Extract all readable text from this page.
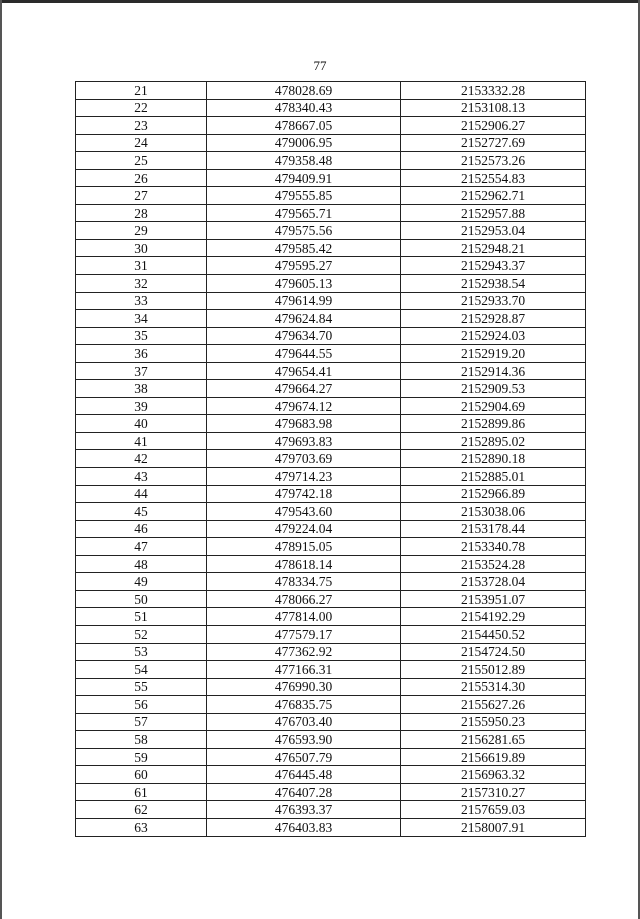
77
21	478028.69	2153332.28
22	478340.43	2153108.13
23	478667.05	2152906.27
24	479006.95	2152727.69
25	479358.48	2152573.26
26	479409.91	2152554.83
27	479555.85	2152962.71
28	479565.71	2152957.88
29	479575.56	2152953.04
30	479585.42	2152948.21
31	479595.27	2152943.37
32	479605.13	2152938.54
33	479614.99	2152933.70
34	479624.84	2152928.87
35	479634.70	2152924.03
36	479644.55	2152919.20
37	479654.41	2152914.36
38	479664.27	2152909.53
39	479674.12	2152904.69
40	479683.98	2152899.86
41	479693.83	2152895.02
42	479703.69	2152890.18
43	479714.23	2152885.01
44	479742.18	2152966.89
45	479543.60	2153038.06
46	479224.04	2153178.44
47	478915.05	2153340.78
48	478618.14	2153524.28
49	478334.75	2153728.04
50	478066.27	2153951.07
51	477814.00	2154192.29
52	477579.17	2154450.52
53	477362.92	2154724.50
54	477166.31	2155012.89
55	476990.30	2155314.30
56	476835.75	2155627.26
57	476703.40	2155950.23
58	476593.90	2156281.65
59	476507.79	2156619.89
60	476445.48	2156963.32
61	476407.28	2157310.27
62	476393.37	2157659.03
63	476403.83	2158007.91
